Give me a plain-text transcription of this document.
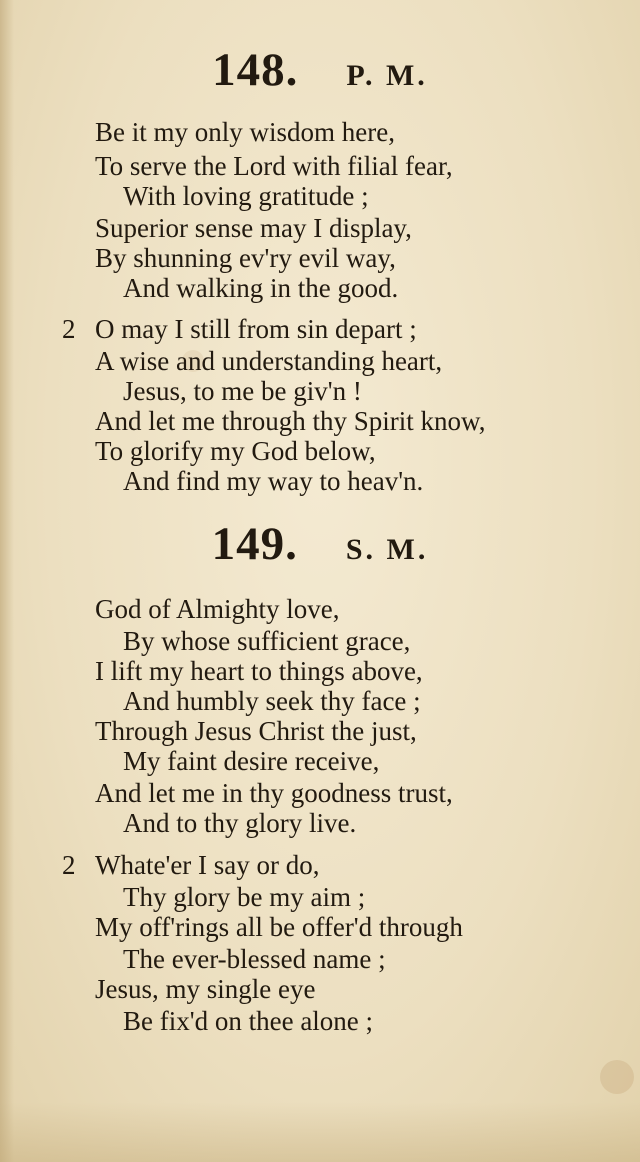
148. P. M.
Be it my only wisdom here,
To serve the Lord with filial fear,
With loving gratitude ;
Superior sense may I display,
By shunning ev'ry evil way,
And walking in the good.
2 O may I still from sin depart ;
A wise and understanding heart,
Jesus, to me be giv'n !
And let me through thy Spirit know,
To glorify my God below,
And find my way to heav'n.
149. S. M.
God of Almighty love,
By whose sufficient grace,
I lift my heart to things above,
And humbly seek thy face ;
Through Jesus Christ the just,
My faint desire receive,
And let me in thy goodness trust,
And to thy glory live.
2 Whate'er I say or do,
Thy glory be my aim ;
My off'rings all be offer'd through
The ever-blessed name ;
Jesus, my single eye
Be fix'd on thee alone ;
